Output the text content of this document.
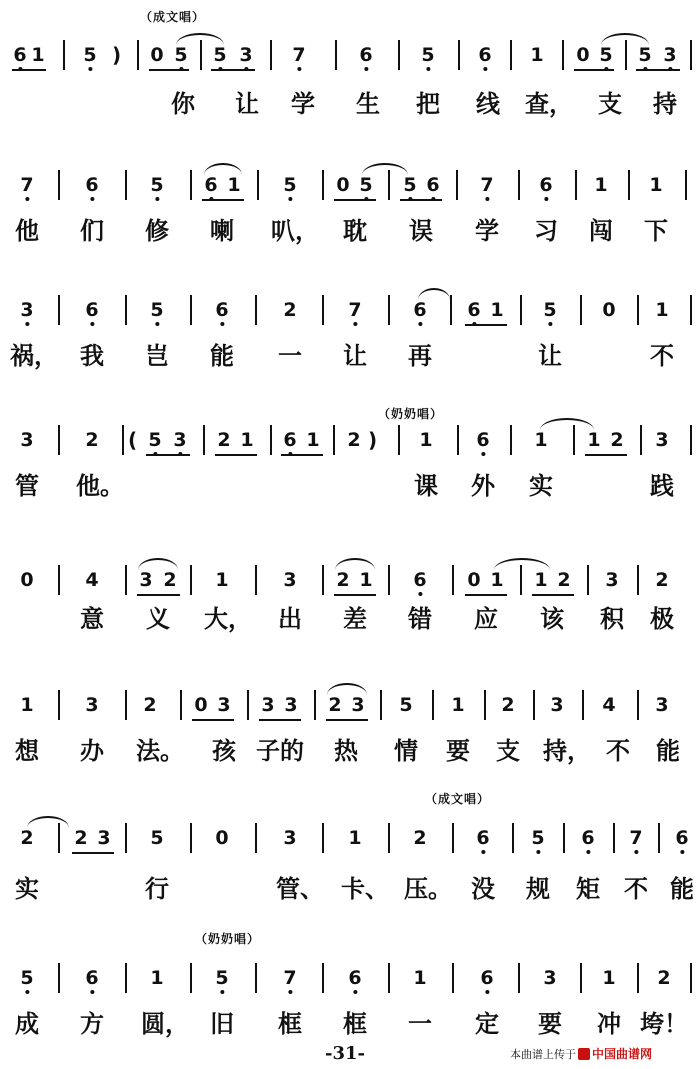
（成文唱）
6 1 5 ) 0 5 5 3 7	6	5 6 1 0 5 5 3
你 让 学 生 把 线 查， 支 持
7	6	5 6 1 5 0 5 5 6 7 6 1 1
他 们 修 喇 叭， 耽 误 学 习 闯 下
3	6	5	6	2	7	6 6 1 5 0 1
祸， 我 岂 能 一 让 再	让	不
（奶奶唱）
3	2 ( 5 3 2 1 6 1 2 ) 1 6 1 1 2 3
管 他。	课 外 实	践
0	4 3 2 1	3 2 1 6 0 1 1 2 3 2
意 义 大， 出 差 错 应 该 积 极
1	3 2 0 3 3 3 2 3 5 1 2 3 4 3
想 办 法。 孩 子的 热 情 要 支 持， 不 能
（成文唱）
2 2 3 5	0	3	1	2	6 5 6 7 6
实	行	管、 卡、 压。 没 规 矩 不 能
（奶奶唱）
5	6	1	5	7	6	1	6	3 1 2
成 方 圆， 旧 框 框 一 定 要 冲 垮！
-31-	本曲谱上传于 中国曲谱网
